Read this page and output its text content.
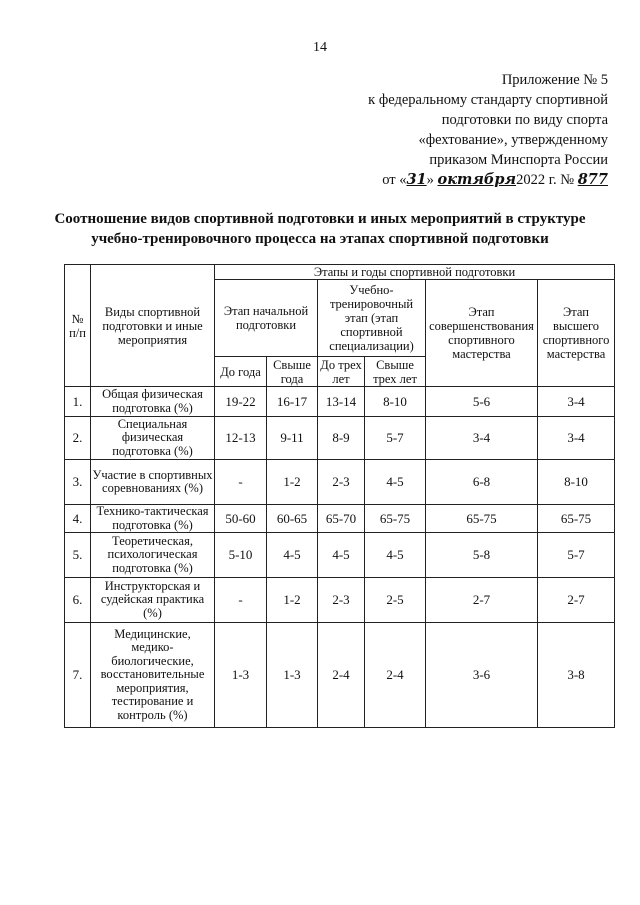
14
Приложение № 5
к федеральному стандарту спортивной
подготовки по виду спорта
«фехтование», утвержденному
приказом Минспорта России
от «31» октября2022 г. № 877
Соотношение видов спортивной подготовки и иных мероприятий в структуре
учебно-тренировочного процесса на этапах спортивной подготовки
№ п/п	Виды спортивной подготовки и иные мероприятия	Этапы и годы спортивной подготовки					
		Этап начальной подготовки		Учебно-тренировочный этап (этап спортивной специализации)		Этап совершенствования спортивного мастерства	Этап высшего спортивного мастерства
		До года	Свыше года	До трех лет	Свыше трех лет		
1.	Общая физическая подготовка (%)	19-22	16-17	13-14	8-10	5-6	3-4
2.	Специальная физическая подготовка (%)	12-13	9-11	8-9	5-7	3-4	3-4
3.	Участие в спортивных соревнованиях (%)	-	1-2	2-3	4-5	6-8	8-10
4.	Технико-тактическая подготовка (%)	50-60	60-65	65-70	65-75	65-75	65-75
5.	Теоретическая, психологическая подготовка (%)	5-10	4-5	4-5	4-5	5-8	5-7
6.	Инструкторская и судейская практика (%)	-	1-2	2-3	2-5	2-7	2-7
7.	Медицинские, медико-биологические, восстановительные мероприятия, тестирование и контроль (%)	1-3	1-3	2-4	2-4	3-6	3-8
